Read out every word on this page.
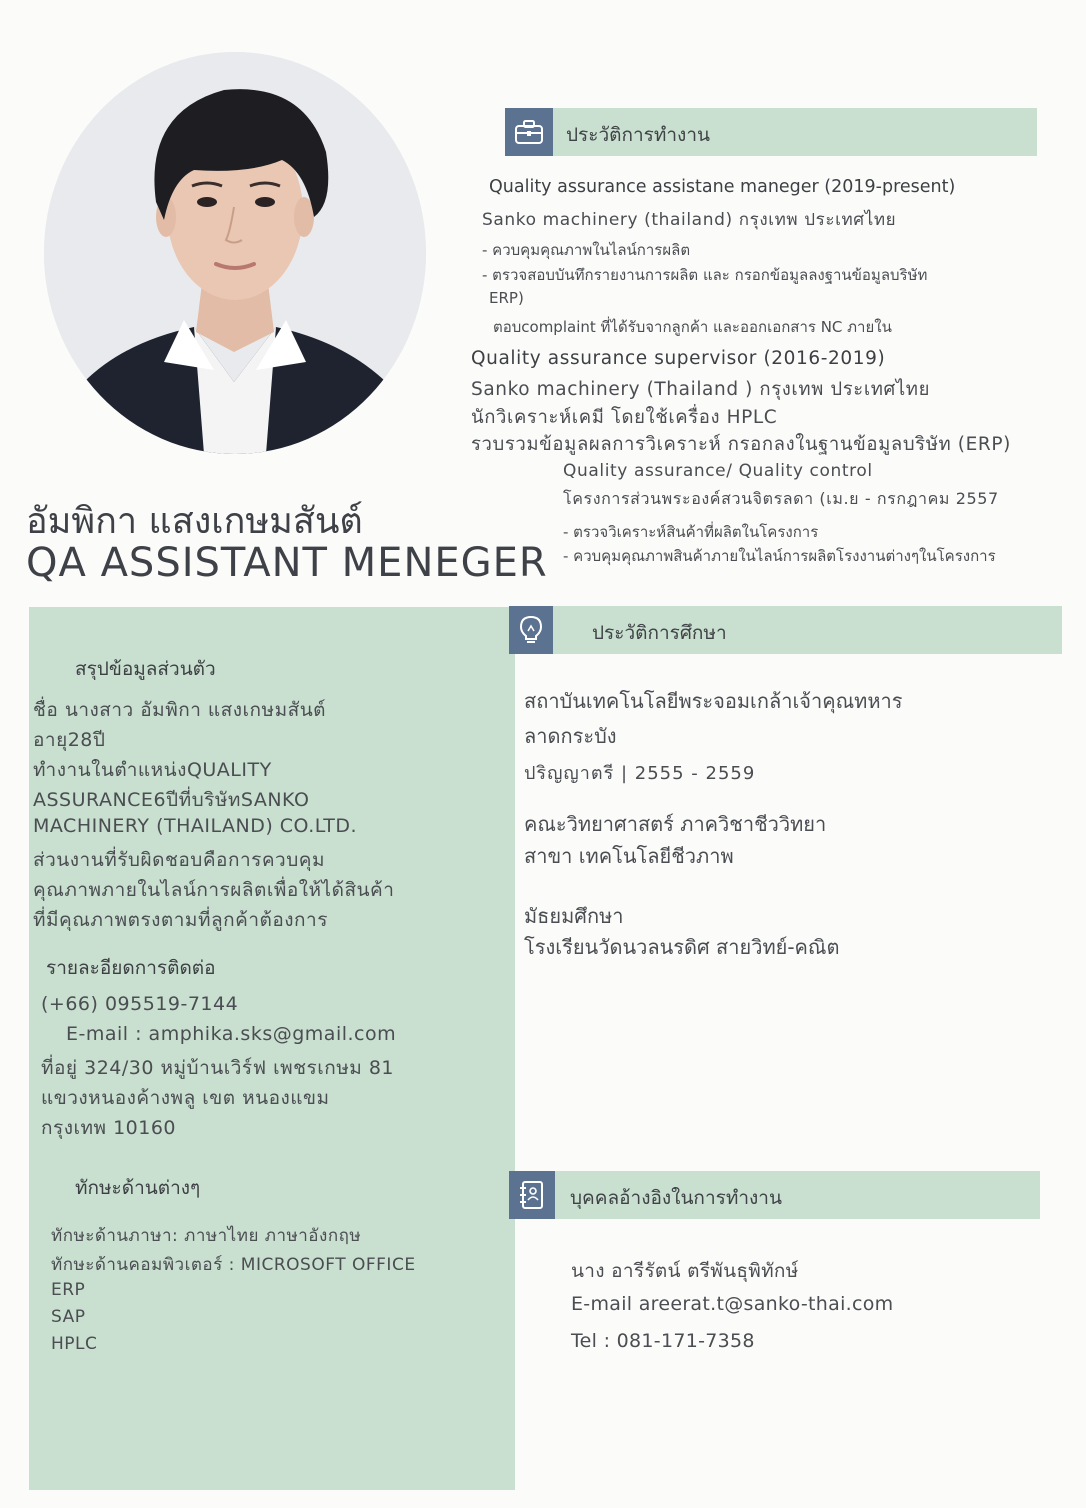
อัมพิกา แสงเกษมสันต์
QA ASSISTANT MENEGER
ประวัติการทำงาน
Quality assurance assistane maneger (2019-present)
Sanko machinery (thailand) กรุงเทพ ประเทศไทย
- ควบคุมคุณภาพในไลน์การผลิต
- ตรวจสอบบันทึกรายงานการผลิต และ กรอกข้อมูลลงฐานข้อมูลบริษัท
ERP)
ตอบcomplaint ที่ได้รับจากลูกค้า และออกเอกสาร NC ภายใน
Quality assurance supervisor (2016-2019)
Sanko machinery (Thailand ) กรุงเทพ ประเทศไทย
นักวิเคราะห์เคมี โดยใช้เครื่อง HPLC
รวบรวมข้อมูลผลการวิเคราะห์ กรอกลงในฐานข้อมูลบริษัท (ERP)
Quality assurance/ Quality control
โครงการส่วนพระองค์สวนจิตรลดา (เม.ย - กรกฎาคม 2557
- ตรวจวิเคราะห์สินค้าที่ผลิตในโครงการ
- ควบคุมคุณภาพสินค้าภายในไลน์การผลิตโรงงานต่างๆในโครงการ
สรุปข้อมูลส่วนตัว
ชื่อ นางสาว อัมพิกา แสงเกษมสันต์
อายุ28ปี
ทำงานในตำแหน่งQUALITY
ASSURANCE6ปีที่บริษัทSANKO
MACHINERY (THAILAND) CO.LTD.
ส่วนงานที่รับผิดชอบคือการควบคุม
คุณภาพภายในไลน์การผลิตเพื่อให้ได้สินค้า
ที่มีคุณภาพตรงตามที่ลูกค้าต้องการ
รายละอียดการติดต่อ
(+66) 095519-7144
E-mail : amphika.sks@gmail.com
ที่อยู่ 324/30 หมู่บ้านเวิร์ฟ เพชรเกษม 81
แขวงหนองค้างพลู เขต หนองแขม
กรุงเทพ 10160
ทักษะด้านต่างๆ
ทักษะด้านภาษา: ภาษาไทย ภาษาอังกฤษ
ทักษะด้านคอมพิวเตอร์ : MICROSOFT OFFICE
ERP
SAP
HPLC
ประวัติการศึกษา
สถาบันเทคโนโลยีพระจอมเกล้าเจ้าคุณทหาร
ลาดกระบัง
ปริญญาตรี | 2555 - 2559
คณะวิทยาศาสตร์ ภาควิชาชีววิทยา
สาขา เทคโนโลยีชีวภาพ
มัธยมศึกษา
โรงเรียนวัดนวลนรดิศ สายวิทย์-คณิต
บุคคลอ้างอิงในการทำงาน
นาง อารีรัตน์ ตรีพันธุพิทักษ์
E-mail areerat.t@sanko-thai.com
Tel : 081-171-7358
